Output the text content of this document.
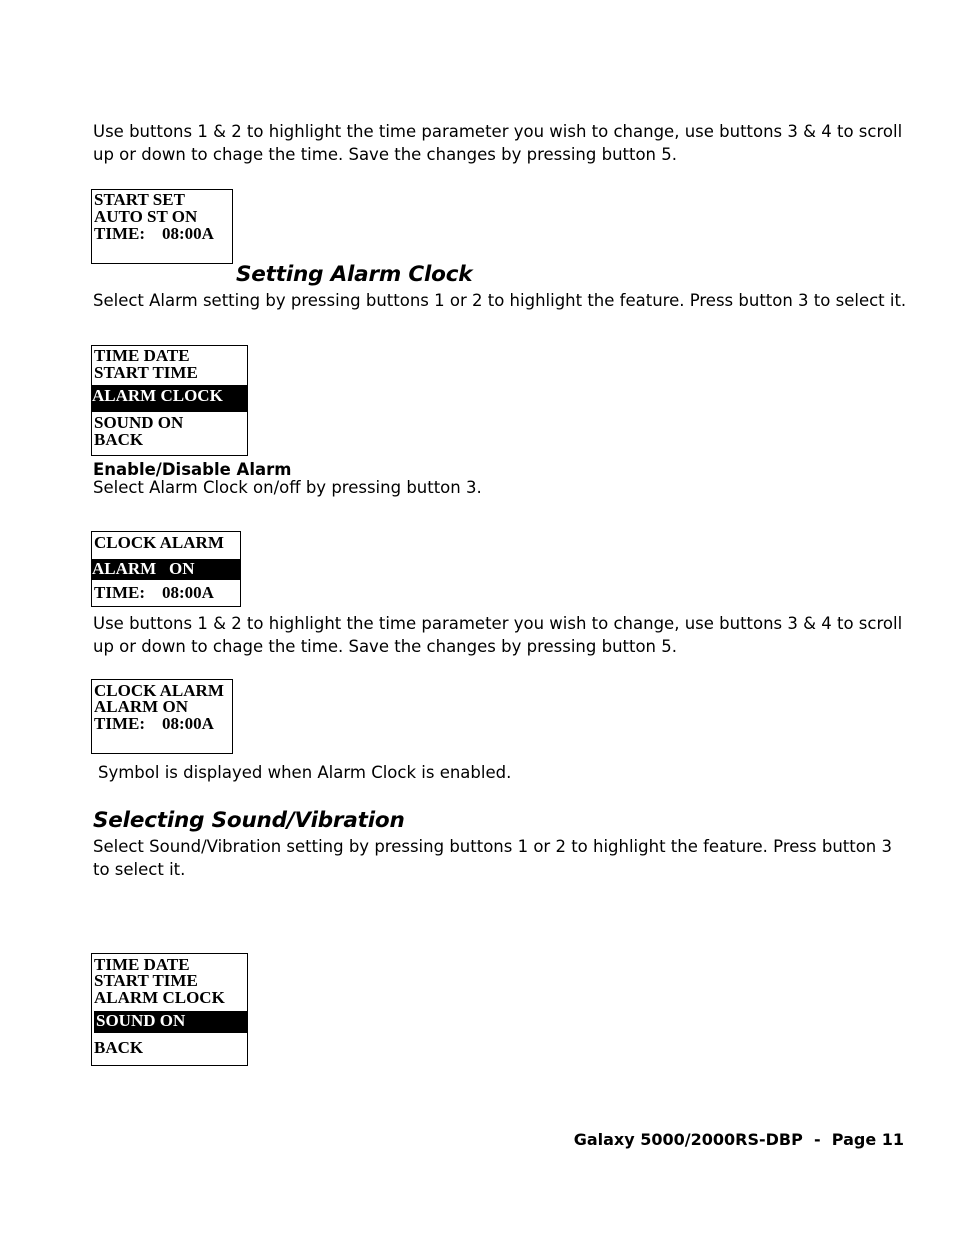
Use buttons 1 & 2 to highlight the time parameter you wish to change, use buttons 3 & 4 to scroll up or down to chage the time. Save the changes by pressing button 5.

START SET
AUTO ST ON
TIME:    08:00A
Setting Alarm Clock

Select Alarm setting by pressing buttons 1 or 2 to highlight the feature. Press button 3 to select it.

TIME DATE
START TIME
ALARM CLOCK
SOUND ON
BACK
Enable/Disable Alarm

Select Alarm Clock on/off by pressing button 3.

CLOCK ALARM
ALARM   ON
TIME:    08:00A

Use buttons 1 & 2 to highlight the time parameter you wish to change, use buttons 3 & 4 to scroll up or down to chage the time. Save the changes by pressing button 5.

CLOCK ALARM
ALARM ON
TIME:    08:00A

Symbol is displayed when Alarm Clock is enabled.

Selecting Sound/Vibration

Select Sound/Vibration setting by pressing buttons 1 or 2 to highlight the feature. Press button 3 to select it.

TIME DATE
START TIME
ALARM CLOCK
SOUND ON
BACK
Galaxy 5000/2000RS-DBP  -  Page 11
